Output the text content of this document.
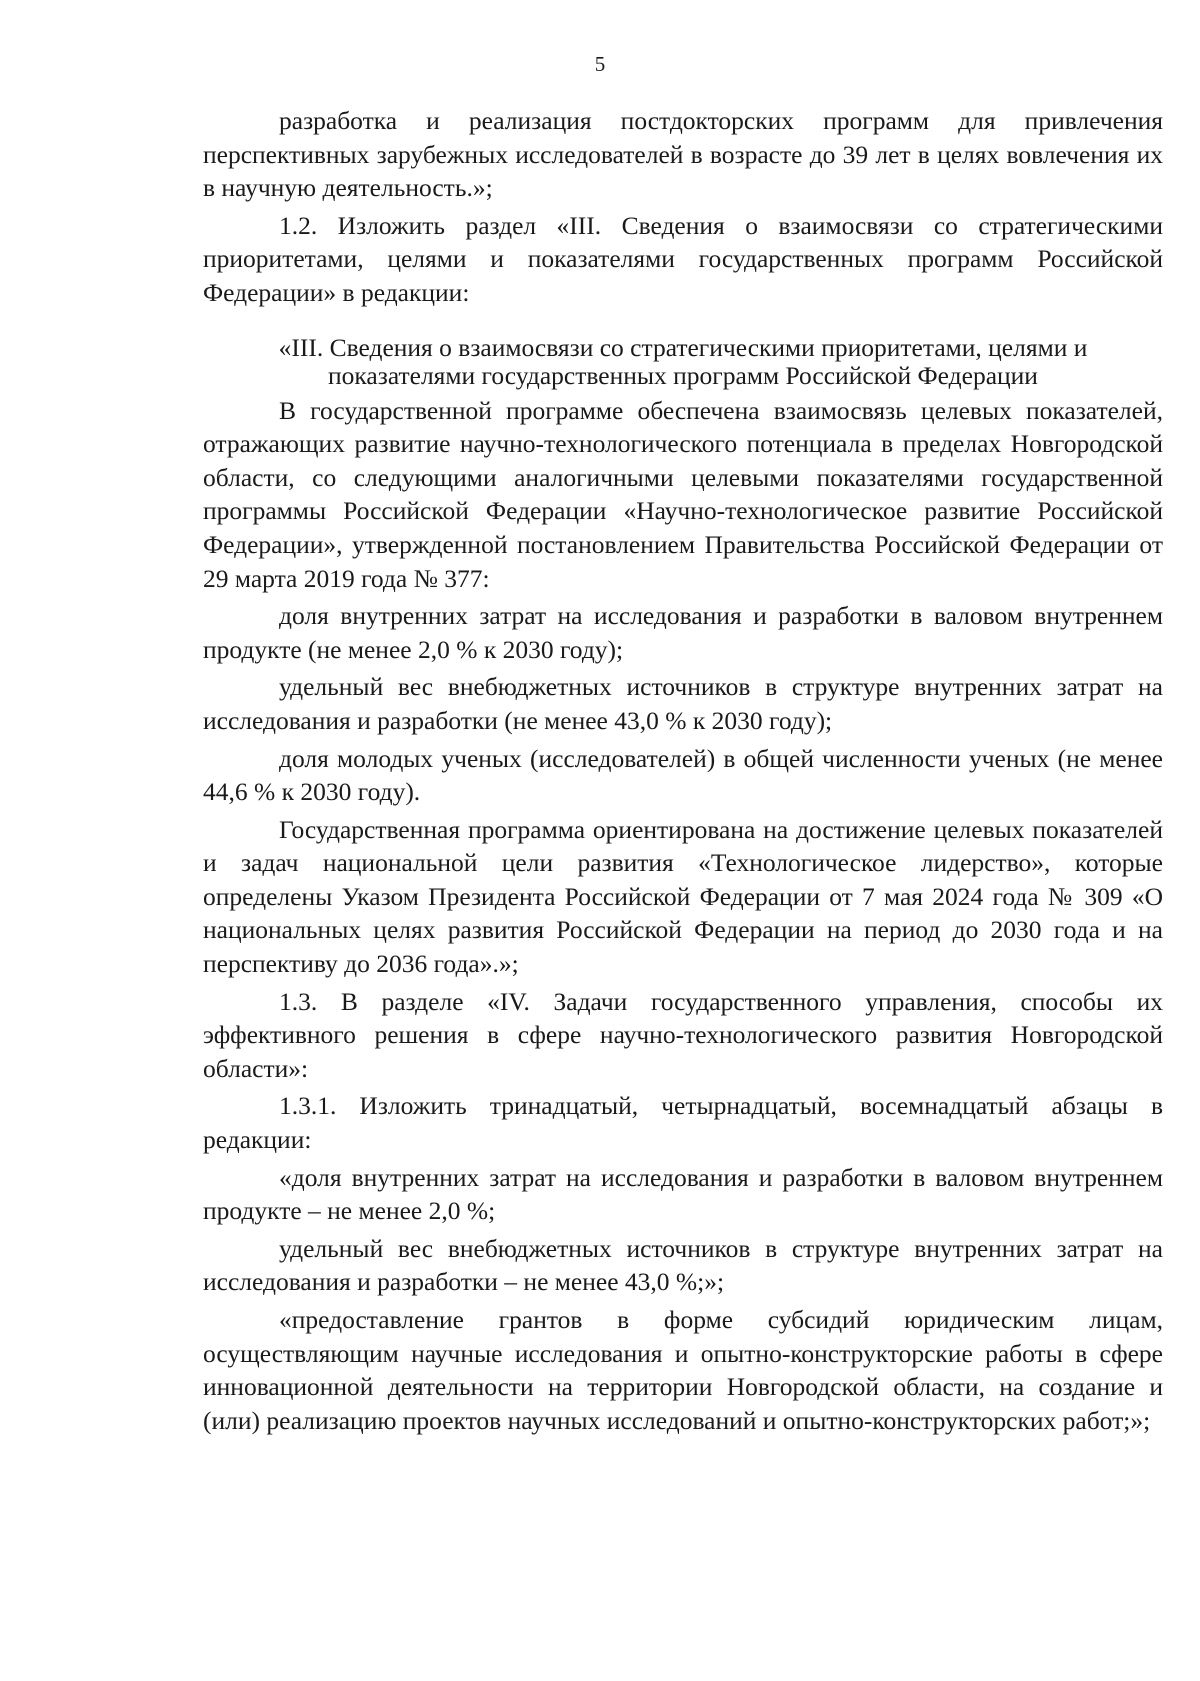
5

разработка и реализация постдокторских программ для привлечения перспективных зарубежных исследователей в возрасте до 39 лет в целях вовлечения их в научную деятельность.»;

1.2. Изложить раздел «III. Сведения о взаимосвязи со стратегическими приоритетами, целями и показателями государственных программ Российской Федерации» в редакции:

«III. Сведения о взаимосвязи со стратегическими приоритетами, целями и
показателями государственных программ Российской Федерации

В государственной программе обеспечена взаимосвязь целевых показателей, отражающих развитие научно-технологического потенциала в пределах Новгородской области, со следующими аналогичными целевыми показателями государственной программы Российской Федерации «Научно-технологическое развитие Российской Федерации», утвержденной постановлением Правительства Российской Федерации от 29 марта 2019 года № 377:

доля внутренних затрат на исследования и разработки в валовом внутреннем продукте (не менее 2,0 % к 2030 году);

удельный вес внебюджетных источников в структуре внутренних затрат на исследования и разработки (не менее 43,0 % к 2030 году);

доля молодых ученых (исследователей) в общей численности ученых (не менее 44,6 % к 2030 году).

Государственная программа ориентирована на достижение целевых показателей и задач национальной цели развития «Технологическое лидерство», которые определены Указом Президента Российской Федерации от 7 мая 2024 года № 309 «О национальных целях развития Российской Федерации на период до 2030 года и на перспективу до 2036 года».»;

1.3. В разделе «IV. Задачи государственного управления, способы их эффективного решения в сфере научно-технологического развития Новгородской области»:

1.3.1. Изложить тринадцатый, четырнадцатый, восемнадцатый абзацы в редакции:

«доля внутренних затрат на исследования и разработки в валовом внутреннем продукте – не менее 2,0 %;

удельный вес внебюджетных источников в структуре внутренних затрат на исследования и разработки – не менее 43,0 %;»;

«предоставление грантов в форме субсидий юридическим лицам, осуществляющим научные исследования и опытно-конструкторские работы в сфере инновационной деятельности на территории Новгородской области, на создание и (или) реализацию проектов научных исследований и опытно-конструкторских работ;»;
